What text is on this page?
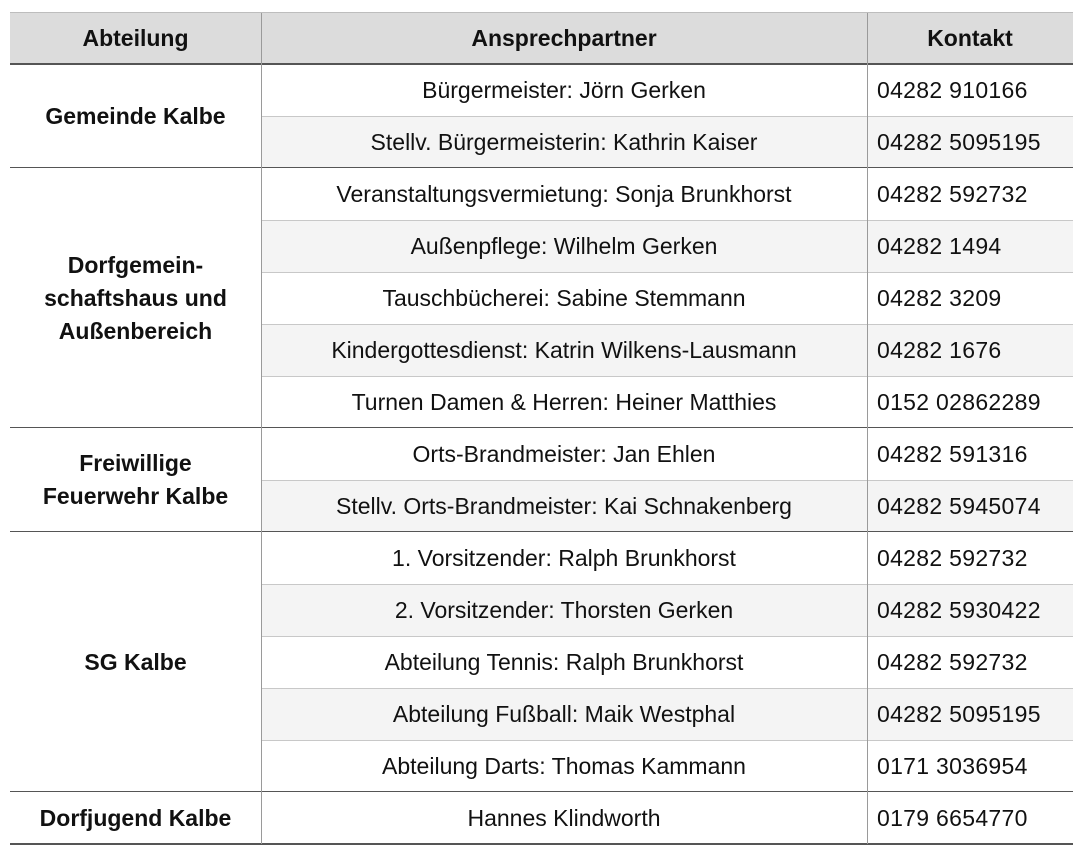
Abteilung	Ansprechpartner	Kontakt
Gemeinde Kalbe
Bürgermeister: Jörn Gerken	04282 910166
Stellv. Bürgermeisterin: Kathrin Kaiser	04282 5095195
Dorfgemein-
schaftshaus und
Außenbereich
Veranstaltungsvermietung: Sonja Brunkhorst	04282 592732
Außenpflege: Wilhelm Gerken	04282 1494
Tauschbücherei: Sabine Stemmann	04282 3209
Kindergottesdienst: Katrin Wilkens-Lausmann	04282 1676
Turnen Damen & Herren: Heiner Matthies	0152 02862289
Freiwillige
Feuerwehr Kalbe
Orts-Brandmeister: Jan Ehlen	04282 591316
Stellv. Orts-Brandmeister: Kai Schnakenberg	04282 5945074
SG Kalbe
1. Vorsitzender: Ralph Brunkhorst	04282 592732
2. Vorsitzender: Thorsten Gerken	04282 5930422
Abteilung Tennis: Ralph Brunkhorst	04282 592732
Abteilung Fußball: Maik Westphal	04282 5095195
Abteilung Darts: Thomas Kammann	0171 3036954
Dorfjugend Kalbe	Hannes Klindworth	0179 6654770
